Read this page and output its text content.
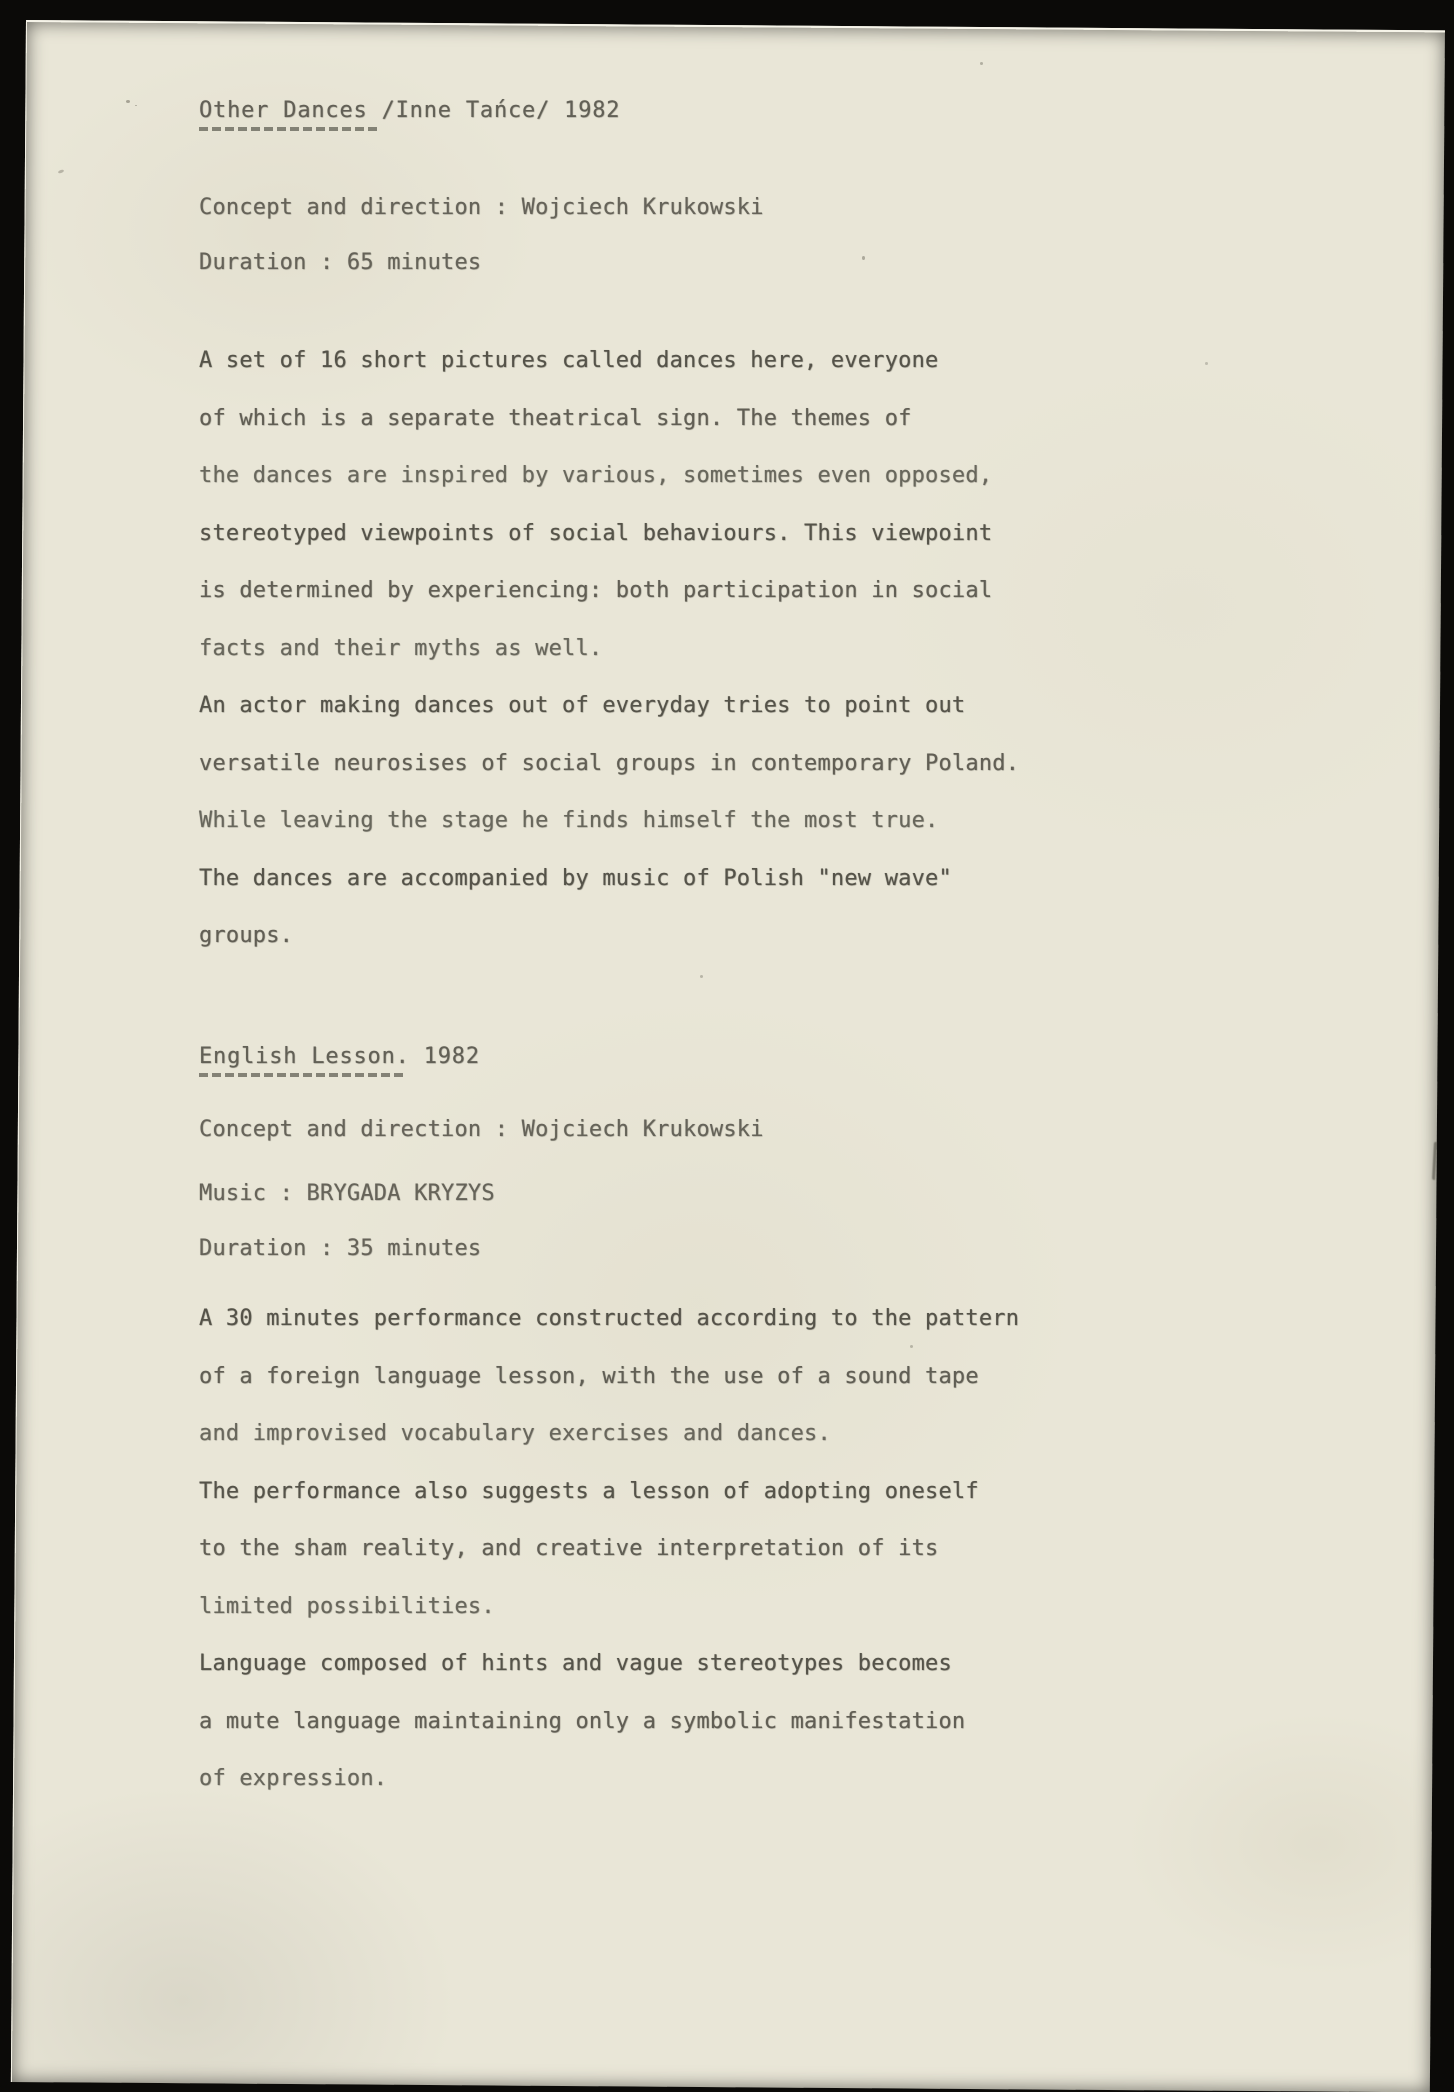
Other Dances /Inne Tańce/ 1982
Concept and direction : Wojciech Krukowski
Duration : 65 minutes
A set of 16 short pictures called dances here, everyone
of which is a separate theatrical sign. The themes of
the dances are inspired by various, sometimes even opposed,
stereotyped viewpoints of social behaviours. This viewpoint
is determined by experiencing: both participation in social
facts and their myths as well.
An actor making dances out of everyday tries to point out
versatile neurosises of social groups in contemporary Poland.
While leaving the stage he finds himself the most true.
The dances are accompanied by music of Polish "new wave"
groups.
English Lesson. 1982
Concept and direction : Wojciech Krukowski
Music : BRYGADA KRYZYS
Duration : 35 minutes
A 30 minutes performance constructed according to the pattern
of a foreign language lesson, with the use of a sound tape
and improvised vocabulary exercises and dances.
The performance also suggests a lesson of adopting oneself
to the sham reality, and creative interpretation of its
limited possibilities.
Language composed of hints and vague stereotypes becomes
a mute language maintaining only a symbolic manifestation
of expression.
